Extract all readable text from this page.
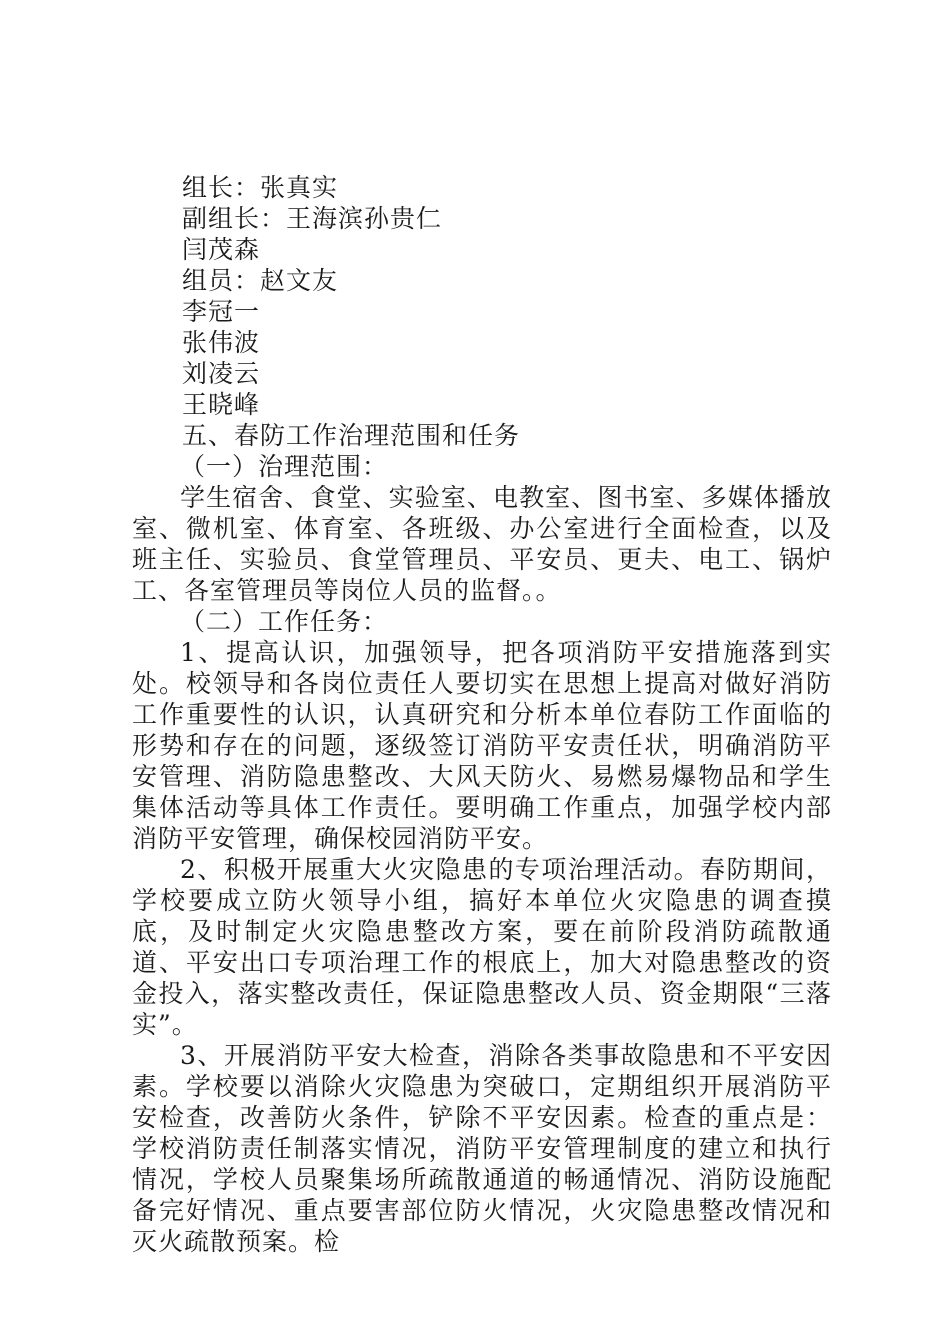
组长：张真实

副组长：王海滨孙贵仁

闫茂森

组员：赵文友

李冠一

张伟波

刘凌云

王晓峰

五、春防工作治理范围和任务

（一）治理范围：

学生宿舍、食堂、实验室、电教室、图书室、多媒体播放室、微机室、体育室、各班级、办公室进行全面检查，以及班主任、实验员、食堂管理员、平安员、更夫、电工、锅炉工、各室管理员等岗位人员的监督。。

（二）工作任务：

1、提高认识，加强领导，把各项消防平安措施落到实处。校领导和各岗位责任人要切实在思想上提高对做好消防工作重要性的认识，认真研究和分析本单位春防工作面临的形势和存在的问题，逐级签订消防平安责任状，明确消防平安管理、消防隐患整改、大风天防火、易燃易爆物品和学生集体活动等具体工作责任。要明确工作重点，加强学校内部消防平安管理，确保校园消防平安。

2、积极开展重大火灾隐患的专项治理活动。春防期间，学校要成立防火领导小组，搞好本单位火灾隐患的调查摸底，及时制定火灾隐患整改方案，要在前阶段消防疏散通道、平安出口专项治理工作的根底上，加大对隐患整改的资金投入，落实整改责任，保证隐患整改人员、资金期限“三落实”。

3、开展消防平安大检查，消除各类事故隐患和不平安因素。学校要以消除火灾隐患为突破口，定期组织开展消防平安检查，改善防火条件，铲除不平安因素。检查的重点是：学校消防责任制落实情况，消防平安管理制度的建立和执行情况，学校人员聚集场所疏散通道的畅通情况、消防设施配备完好情况、重点要害部位防火情况，火灾隐患整改情况和灭火疏散预案。检
